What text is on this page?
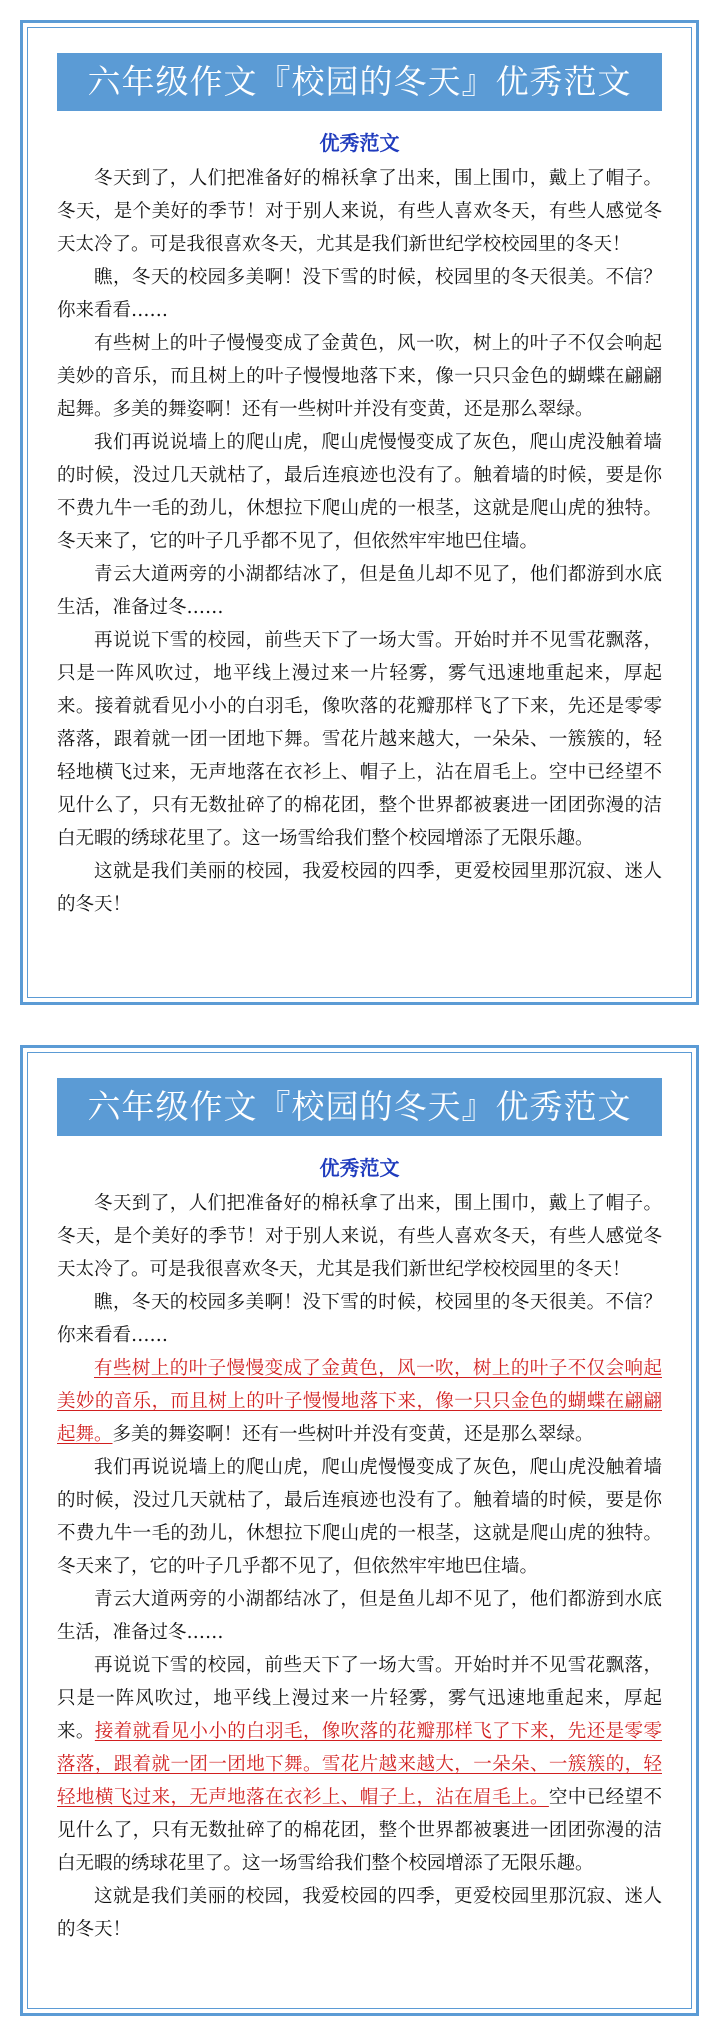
六年级作文『校园的冬天』优秀范文
优秀范文

冬天到了，人们把准备好的棉袄拿了出来，围上围巾，戴上了帽子。冬天，是个美好的季节！对于别人来说，有些人喜欢冬天，有些人感觉冬天太冷了。可是我很喜欢冬天，尤其是我们新世纪学校校园里的冬天！

瞧，冬天的校园多美啊！没下雪的时候，校园里的冬天很美。不信？你来看看……

有些树上的叶子慢慢变成了金黄色，风一吹，树上的叶子不仅会响起美妙的音乐，而且树上的叶子慢慢地落下来，像一只只金色的蝴蝶在翩翩起舞。多美的舞姿啊！还有一些树叶并没有变黄，还是那么翠绿。

我们再说说墙上的爬山虎，爬山虎慢慢变成了灰色，爬山虎没触着墙的时候，没过几天就枯了，最后连痕迹也没有了。触着墙的时候，要是你不费九牛一毛的劲儿，休想拉下爬山虎的一根茎，这就是爬山虎的独特。冬天来了，它的叶子几乎都不见了，但依然牢牢地巴住墙。

青云大道两旁的小湖都结冰了，但是鱼儿却不见了，他们都游到水底生活，准备过冬……

再说说下雪的校园，前些天下了一场大雪。开始时并不见雪花飘落，只是一阵风吹过，地平线上漫过来一片轻雾，雾气迅速地重起来，厚起来。接着就看见小小的白羽毛，像吹落的花瓣那样飞了下来，先还是零零落落，跟着就一团一团地下舞。雪花片越来越大，一朵朵、一簇簇的，轻轻地横飞过来，无声地落在衣衫上、帽子上，沾在眉毛上。空中已经望不见什么了，只有无数扯碎了的棉花团，整个世界都被裹进一团团弥漫的洁白无暇的绣球花里了。这一场雪给我们整个校园增添了无限乐趣。

这就是我们美丽的校园，我爱校园的四季，更爱校园里那沉寂、迷人的冬天！

六年级作文『校园的冬天』优秀范文
优秀范文

冬天到了，人们把准备好的棉袄拿了出来，围上围巾，戴上了帽子。冬天，是个美好的季节！对于别人来说，有些人喜欢冬天，有些人感觉冬天太冷了。可是我很喜欢冬天，尤其是我们新世纪学校校园里的冬天！

瞧，冬天的校园多美啊！没下雪的时候，校园里的冬天很美。不信？你来看看……

有些树上的叶子慢慢变成了金黄色，风一吹，树上的叶子不仅会响起美妙的音乐，而且树上的叶子慢慢地落下来，像一只只金色的蝴蝶在翩翩起舞。多美的舞姿啊！还有一些树叶并没有变黄，还是那么翠绿。

我们再说说墙上的爬山虎，爬山虎慢慢变成了灰色，爬山虎没触着墙的时候，没过几天就枯了，最后连痕迹也没有了。触着墙的时候，要是你不费九牛一毛的劲儿，休想拉下爬山虎的一根茎，这就是爬山虎的独特。冬天来了，它的叶子几乎都不见了，但依然牢牢地巴住墙。

青云大道两旁的小湖都结冰了，但是鱼儿却不见了，他们都游到水底生活，准备过冬……

再说说下雪的校园，前些天下了一场大雪。开始时并不见雪花飘落，只是一阵风吹过，地平线上漫过来一片轻雾，雾气迅速地重起来，厚起来。接着就看见小小的白羽毛，像吹落的花瓣那样飞了下来，先还是零零落落，跟着就一团一团地下舞。雪花片越来越大，一朵朵、一簇簇的，轻轻地横飞过来，无声地落在衣衫上、帽子上，沾在眉毛上。空中已经望不见什么了，只有无数扯碎了的棉花团，整个世界都被裹进一团团弥漫的洁白无暇的绣球花里了。这一场雪给我们整个校园增添了无限乐趣。

这就是我们美丽的校园，我爱校园的四季，更爱校园里那沉寂、迷人的冬天！
